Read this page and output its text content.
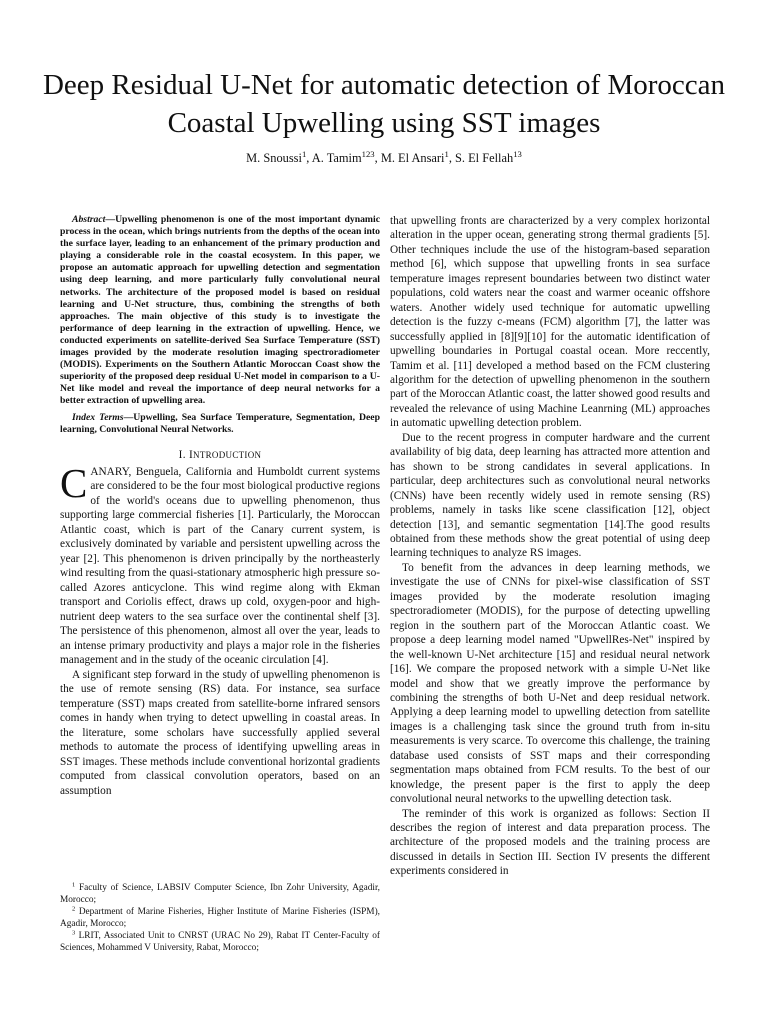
Deep Residual U-Net for automatic detection of Moroccan Coastal Upwelling using SST images
M. Snoussi$^1$, A. Tamim$^{123}$, M. El Ansari$^1$, S. El Fellah$^{13}$

Abstract—Upwelling phenomenon is one of the most important dynamic process in the ocean, which brings nutrients from the depths of the ocean into the surface layer, leading to an enhancement of the primary production and playing a considerable role in the coastal ecosystem. In this paper, we propose an automatic approach for upwelling detection and segmentation using deep learning, and more particularly fully convolutional neural networks. The architecture of the proposed model is based on residual learning and U-Net structure, thus, combining the strengths of both approaches. The main objective of this study is to investigate the performance of deep learning in the extraction of upwelling. Hence, we conducted experiments on satellite-derived Sea Surface Temperature (SST) images provided by the moderate resolution imaging spectroradiometer (MODIS). Experiments on the Southern Atlantic Moroccan Coast show the superiority of the proposed deep residual U-Net model in comparison to a U-Net like model and reveal the importance of deep neural networks for a better extraction of upwelling area.

Index Terms—Upwelling, Sea Surface Temperature, Segmentation, Deep learning, Convolutional Neural Networks.

I. INTRODUCTION

CANARY, Benguela, California and Humboldt current systems are considered to be the four most biological productive regions of the world's oceans due to upwelling phenomenon, thus supporting large commercial fisheries [1]. Particularly, the Moroccan Atlantic coast, which is part of the Canary current system, is exclusively dominated by variable and persistent upwelling across the year [2]. This phenomenon is driven principally by the northeasterly wind resulting from the quasi-stationary atmospheric high pressure so-called Azores anticyclone. This wind regime along with Ekman transport and Coriolis effect, draws up cold, oxygen-poor and high-nutrient deep waters to the sea surface over the continental shelf [3]. The persistence of this phenomenon, almost all over the year, leads to an intense primary productivity and plays a major role in the fisheries management and in the study of the oceanic circulation [4].

A significant step forward in the study of upwelling phenomenon is the use of remote sensing (RS) data. For instance, sea surface temperature (SST) maps created from satellite-borne infrared sensors comes in handy when trying to detect upwelling in coastal areas. In the literature, some scholars have successfully applied several methods to automate the process of identifying upwelling areas in SST images. These methods include conventional horizontal gradients computed from classical convolution operators, based on an assumption

$^1$ Faculty of Science, LABSIV Computer Science, Ibn Zohr University, Agadir, Morocco;

$^2$ Department of Marine Fisheries, Higher Institute of Marine Fisheries (ISPM), Agadir, Morocco;

$^3$ LRIT, Associated Unit to CNRST (URAC No 29), Rabat IT Center-Faculty of Sciences, Mohammed V University, Rabat, Morocco;

that upwelling fronts are characterized by a very complex horizontal alteration in the upper ocean, generating strong thermal gradients [5]. Other techniques include the use of the histogram-based separation method [6], which suppose that upwelling fronts in sea surface temperature images represent boundaries between two distinct water populations, cold waters near the coast and warmer oceanic offshore waters. Another widely used technique for automatic upwelling detection is the fuzzy c-means (FCM) algorithm [7], the latter was successfully applied in [8][9][10] for the automatic identification of upwelling boundaries in Portugal coastal ocean. More reccently, Tamim et al. [11] developed a method based on the FCM clustering algorithm for the detection of upwelling phenomenon in the southern part of the Moroccan Atlantic coast, the latter showed good results and revealed the relevance of using Machine Leanrning (ML) approaches in automatic upwelling detection problem.

Due to the recent progress in computer hardware and the current availability of big data, deep learning has attracted more attention and has shown to be strong candidates in several applications. In particular, deep architectures such as convolutional neural networks (CNNs) have been recently widely used in remote sensing (RS) problems, namely in tasks like scene classification [12], object detection [13], and semantic segmentation [14].The good results obtained from these methods show the great potential of using deep learning techniques to analyze RS images.

To benefit from the advances in deep learning methods, we investigate the use of CNNs for pixel-wise classification of SST images provided by the moderate resolution imaging spectroradiometer (MODIS), for the purpose of detecting upwelling region in the southern part of the Moroccan Atlantic coast. We propose a deep learning model named "UpwellRes-Net" inspired by the well-known U-Net architecture [15] and residual neural network [16]. We compare the proposed network with a simple U-Net like model and show that we greatly improve the performance by combining the strengths of both U-Net and deep residual network. Applying a deep learning model to upwelling detection from satellite images is a challenging task since the ground truth from in-situ measurements is very scarce. To overcome this challenge, the training database used consists of SST maps and their corresponding segmentation maps obtained from FCM results. To the best of our knowledge, the present paper is the first to apply the deep convolutional neural networks to the upwelling detection task.

The reminder of this work is organized as follows: Section II describes the region of interest and data preparation process. The architecture of the proposed models and the training process are discussed in details in Section III. Section IV presents the different experiments considered in
